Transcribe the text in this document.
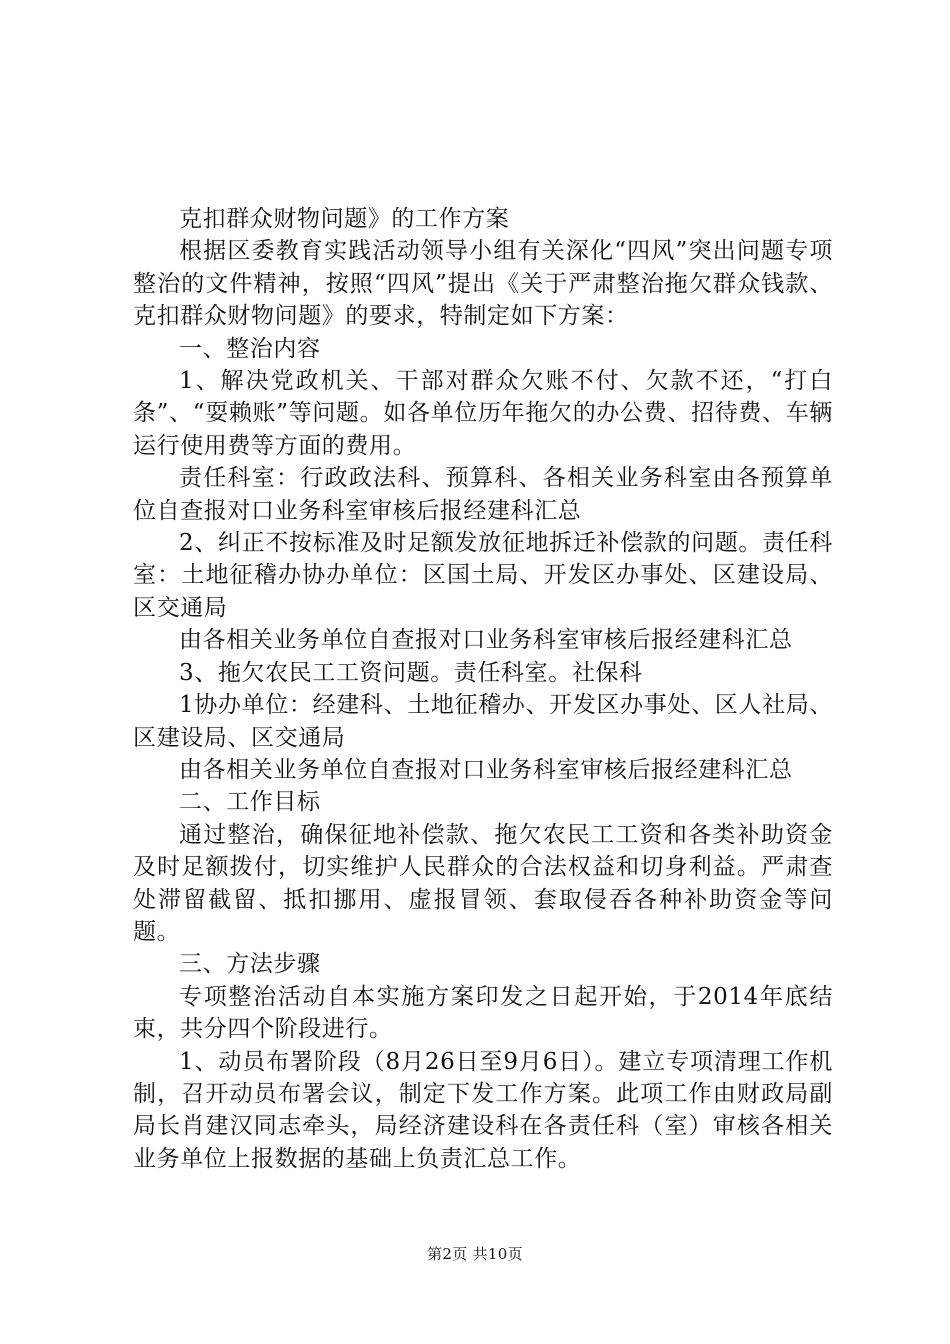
克扣群众财物问题》的工作方案

根据区委教育实践活动领导小组有关深化“四风”突出问题专项整治的文件精神，按照“四风”提出《关于严肃整治拖欠群众钱款、克扣群众财物问题》的要求，特制定如下方案：

一、整治内容

1、解决党政机关、干部对群众欠账不付、欠款不还，“打白条”、“耍赖账”等问题。如各单位历年拖欠的办公费、招待费、车辆运行使用费等方面的费用。

责任科室：行政政法科、预算科、各相关业务科室由各预算单位自查报对口业务科室审核后报经建科汇总

2、纠正不按标准及时足额发放征地拆迁补偿款的问题。责任科室：土地征稽办协办单位：区国土局、开发区办事处、区建设局、区交通局

由各相关业务单位自查报对口业务科室审核后报经建科汇总

3、拖欠农民工工资问题。责任科室。社保科

1协办单位：经建科、土地征稽办、开发区办事处、区人社局、区建设局、区交通局

由各相关业务单位自查报对口业务科室审核后报经建科汇总

二、工作目标

通过整治，确保征地补偿款、拖欠农民工工资和各类补助资金及时足额拨付，切实维护人民群众的合法权益和切身利益。严肃查处滞留截留、抵扣挪用、虚报冒领、套取侵吞各种补助资金等问题。

三、方法步骤

专项整治活动自本实施方案印发之日起开始，于2014年底结束，共分四个阶段进行。

1、动员布署阶段（8月26日至9月6日）。建立专项清理工作机制，召开动员布署会议，制定下发工作方案。此项工作由财政局副局长肖建汉同志牵头，局经济建设科在各责任科（室）审核各相关业务单位上报数据的基础上负责汇总工作。

第2页 共10页
